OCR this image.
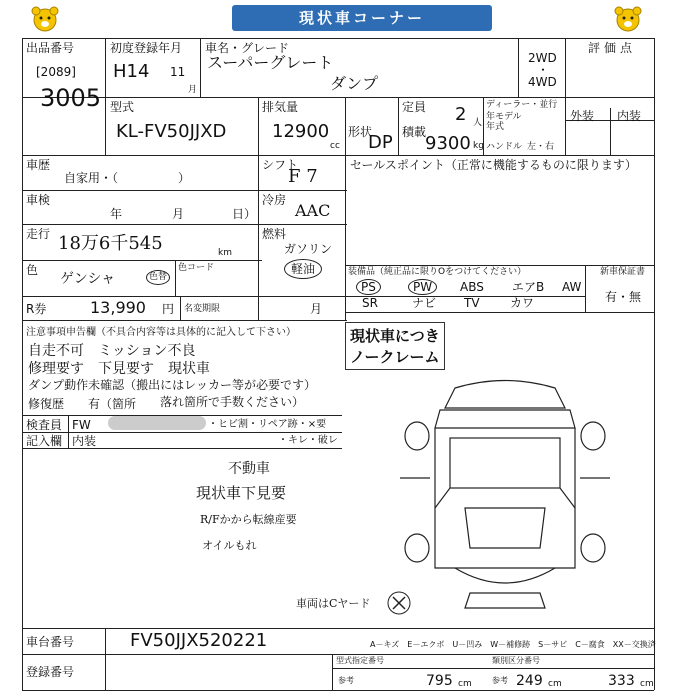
現状車コーナー
出品番号
[2089]
3005
初度登録年月
H14 11
月
車名・グレード
スーパーグレート
ダンプ
2WD
・
4WD
評価点
外装 内装
型式
KL-FV50JJXD
排気量
12900
cc
定員 2 人
ディーラー・並行
年モデル
年式
形状
DP 積載
9300 kg ハンドル 左・右
車歴
自家用・（　　　　　）
車検
年	月	日）
走行 18万6千545	km
色
ゲンシャ	色替
色コード
R券	13,990 円 名変期限	月
シフト
F 7
冷房
AAC
燃料
ガソリン
軽油
セールスポイント（正常に機能するものに限ります）
装備品（純正品に限りOをつけてください）	新車保証書
有・無
PS	PW	ABS エアB AW
SR	ナビ TV	カワ
注意事項申告欄（不具合内容等は具体的に記入して下さい）
自走不可　ミッション不良
修理要す　下見要す　現状車
ダンプ動作未確認（搬出にはレッカー等が必要です）
修復歴　　有（箇所　 落れ箇所で手数ください）
現状車につき
ノークレーム
検査員
記入欄
FW
内装
・ヒビ割・リペア跡・×要
・キレ・破レ
不動車
現状車下見要
R/Fかから転線産要
オイルもれ
車両はCヤード
車台番号	FV50JJX520221	A－キズ　E－エクボ　U－凹み　W－補修跡　S－サビ　C－腐食　XX－交換済
登録番号
型式指定番号
参考	795 cm
類別区分番号
参考 249 cm	333 cm
